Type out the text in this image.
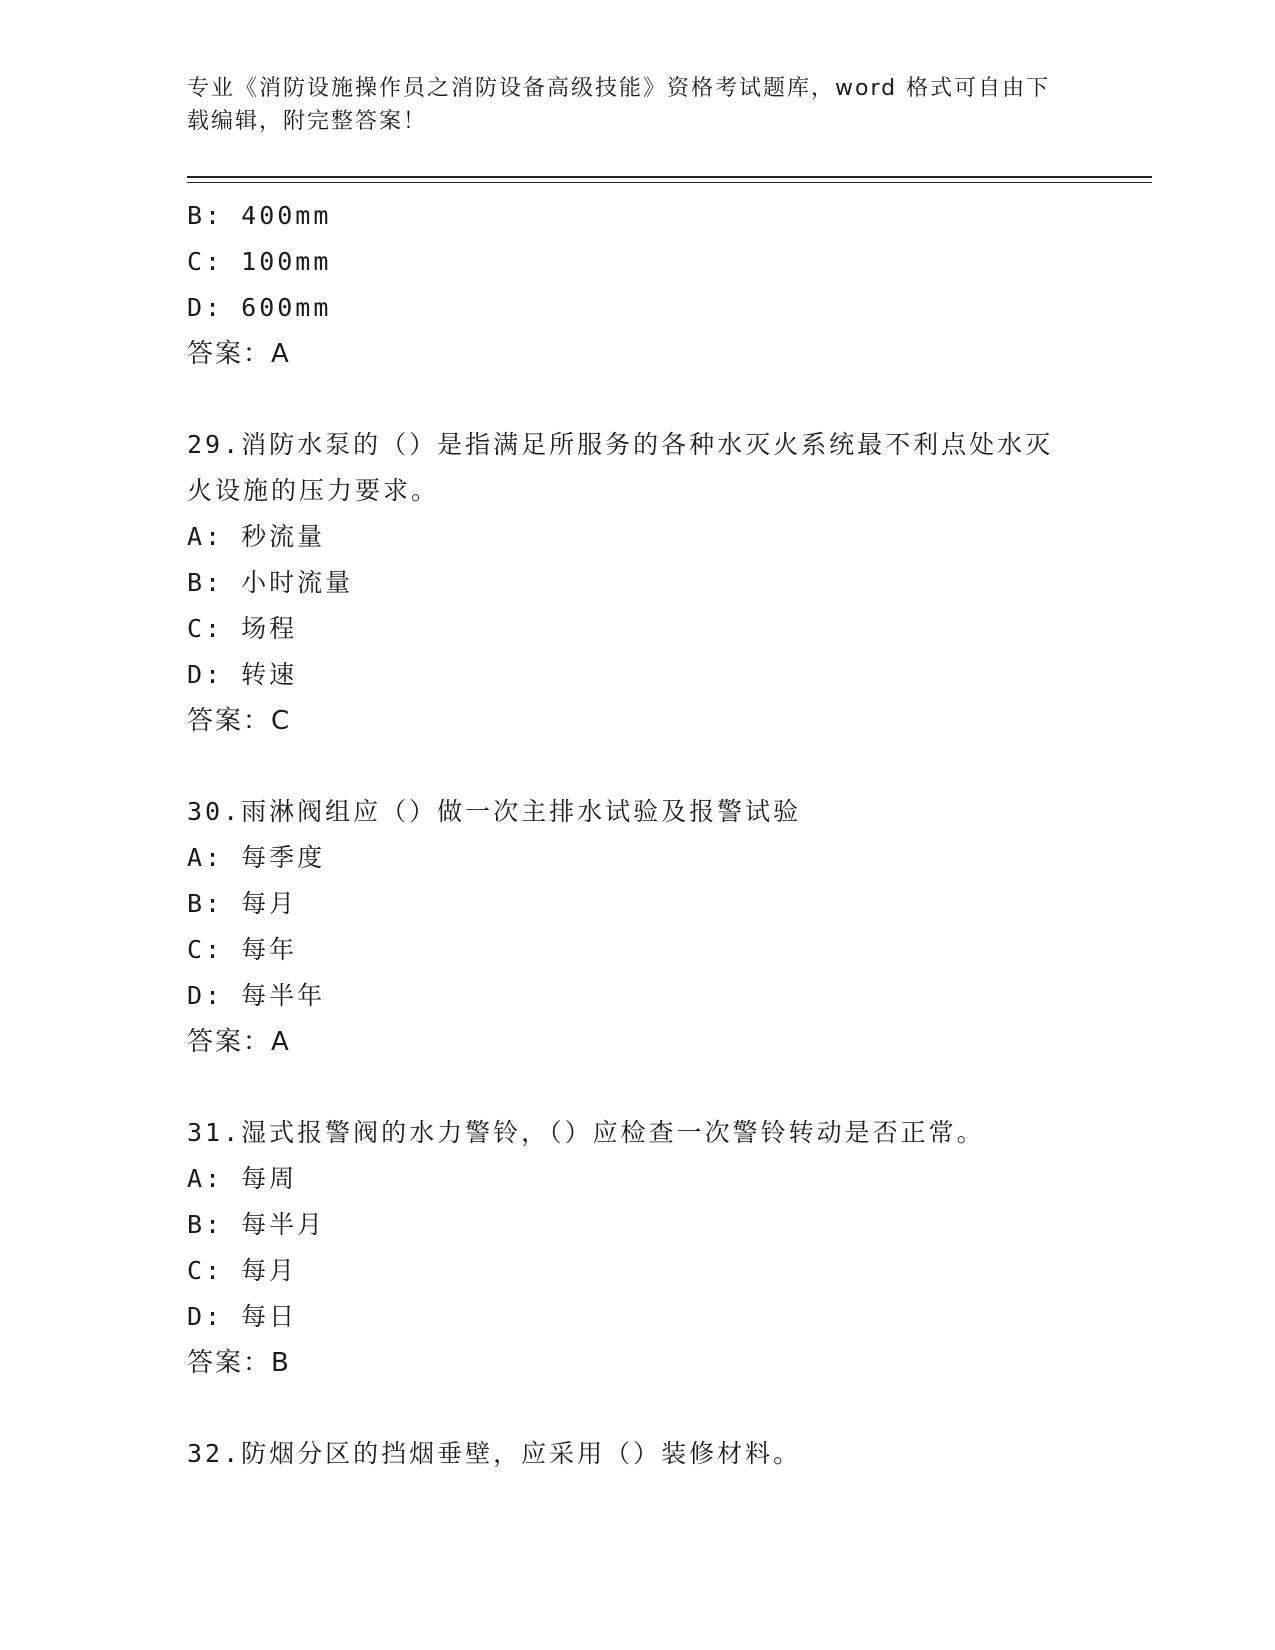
专业《消防设施操作员之消防设备高级技能》资格考试题库，word 格式可自由下
载编辑，附完整答案！
B: 400mm
C: 100mm
D: 600mm
答案：A
29.消防水泵的（）是指满足所服务的各种水灭火系统最不利点处水灭
火设施的压力要求。
A: 秒流量
B: 小时流量
C: 场程
D: 转速
答案：C
30.雨淋阀组应（）做一次主排水试验及报警试验
A: 每季度
B: 每月
C: 每年
D: 每半年
答案：A
31.湿式报警阀的水力警铃，（）应检查一次警铃转动是否正常。
A: 每周
B: 每半月
C: 每月
D: 每日
答案：B
32.防烟分区的挡烟垂壁，应采用（）装修材料。
